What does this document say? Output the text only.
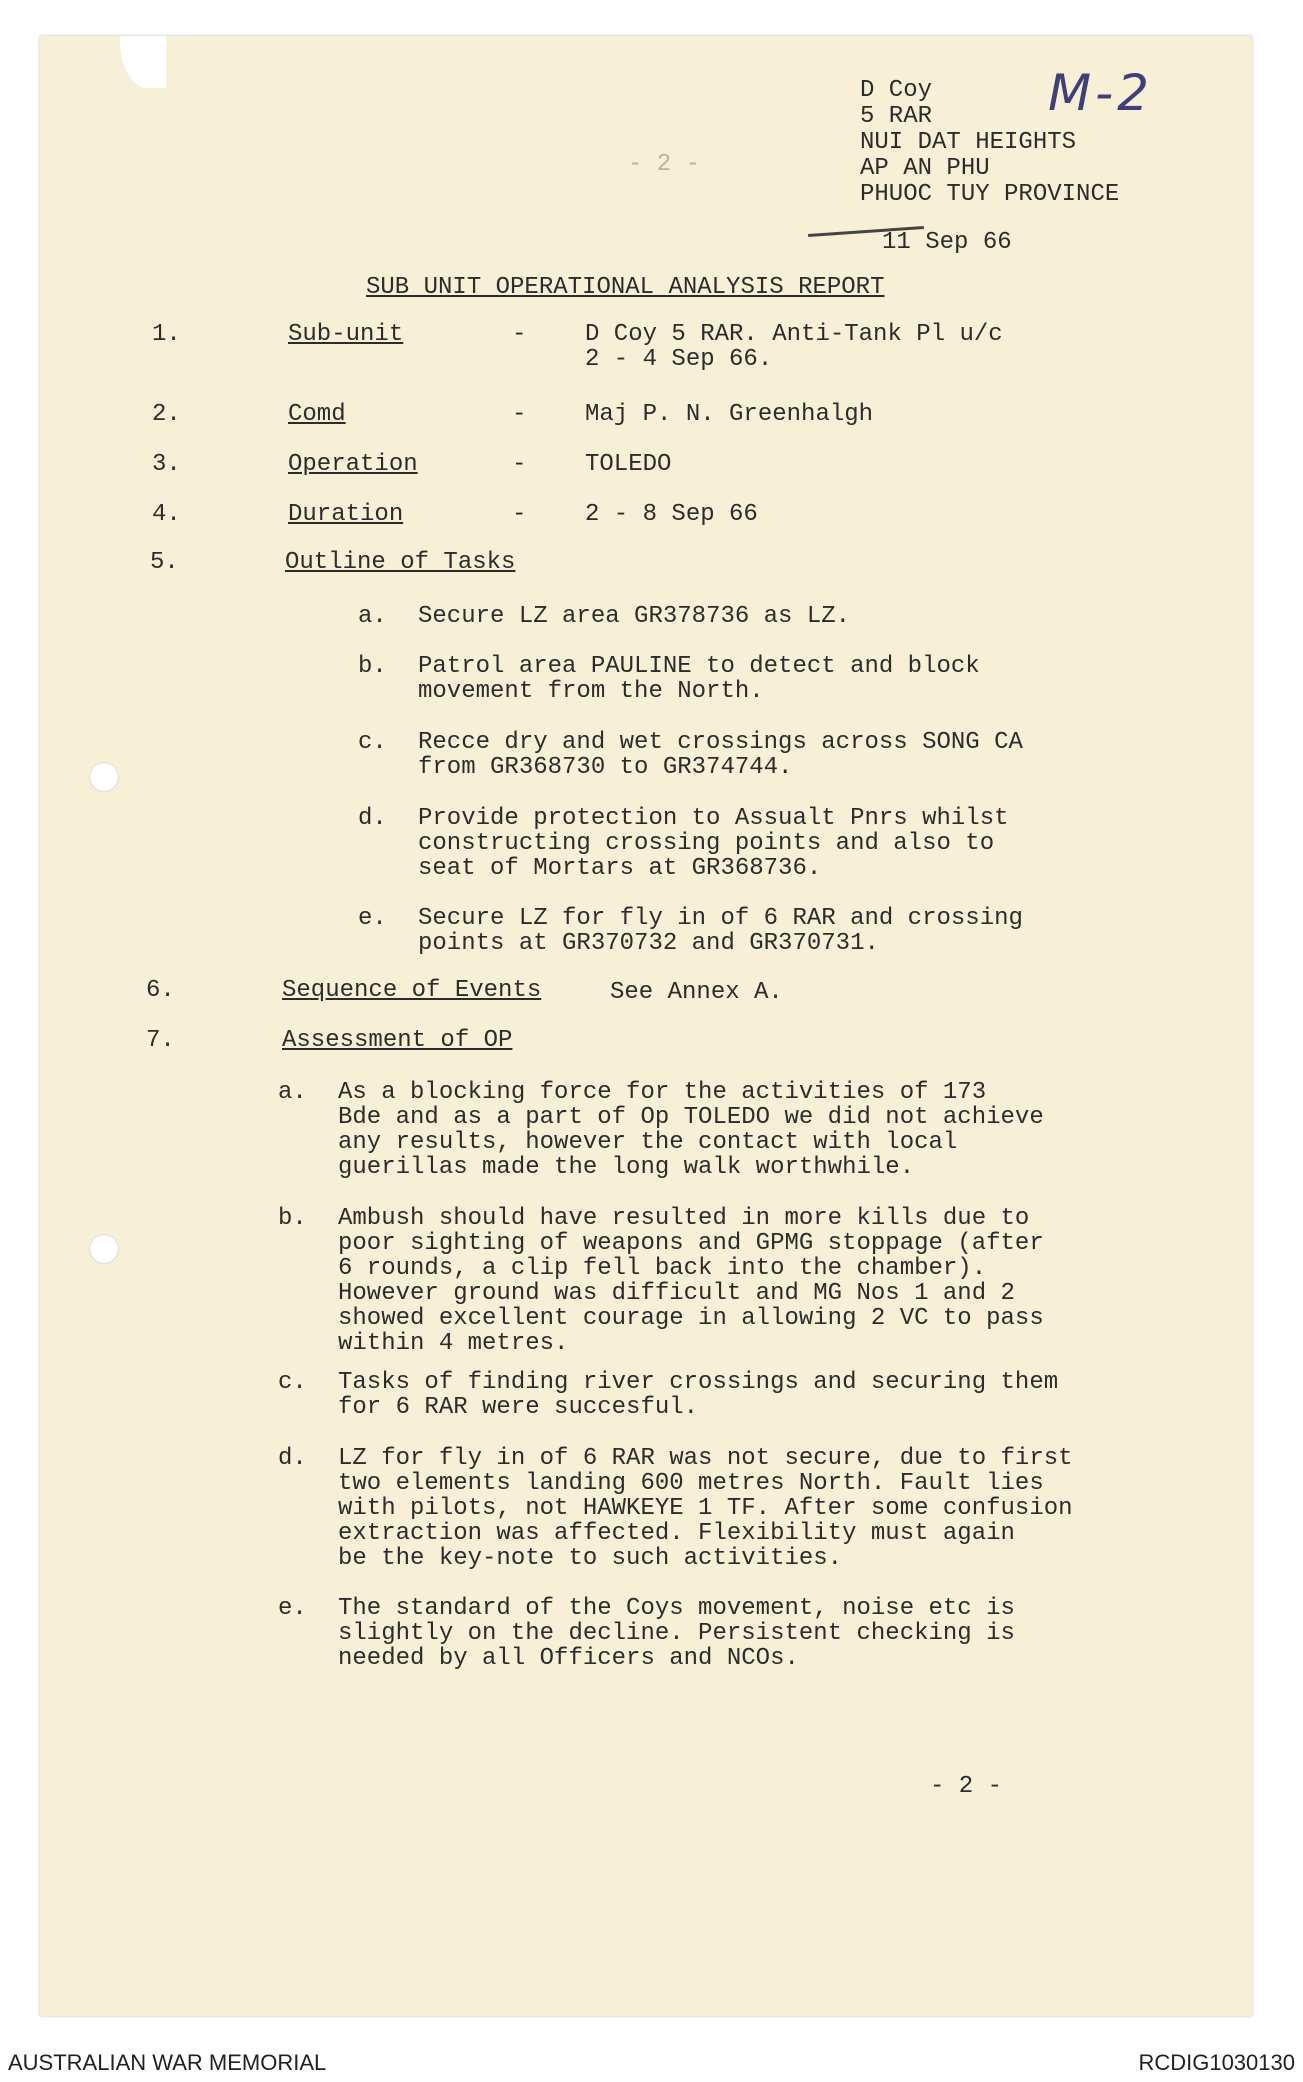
M-2
D Coy
5 RAR
NUI DAT HEIGHTS
AP AN PHU
PHUOC TUY PROVINCE
11 Sep 66
- 2 -
SUB UNIT OPERATIONAL ANALYSIS REPORT
1.	Sub-unit	- D Coy 5 RAR. Anti-Tank Pl u/c
2 - 4 Sep 66.
2.	Comd	- Maj P. N. Greenhalgh
3.	Operation	- TOLEDO
4.	Duration	- 2 - 8 Sep 66
5.	Outline of Tasks
a. Secure LZ area GR378736 as LZ.
b. Patrol area PAULINE to detect and block
movement from the North.
c. Recce dry and wet crossings across SONG CA
from GR368730 to GR374744.
d. Provide protection to Assualt Pnrs whilst
constructing crossing points and also to
seat of Mortars at GR368736.
e. Secure LZ for fly in of 6 RAR and crossing
points at GR370732 and GR370731.
6.	Sequence of Events	See Annex A.
7.	Assessment of OP
a. As a blocking force for the activities of 173
Bde and as a part of Op TOLEDO we did not achieve
any results, however the contact with local
guerillas made the long walk worthwhile.
b. Ambush should have resulted in more kills due to
poor sighting of weapons and GPMG stoppage (after
6 rounds, a clip fell back into the chamber).
However ground was difficult and MG Nos 1 and 2
showed excellent courage in allowing 2 VC to pass
within 4 metres.
c. Tasks of finding river crossings and securing them
for 6 RAR were succesful.
d. LZ for fly in of 6 RAR was not secure, due to first
two elements landing 600 metres North. Fault lies
with pilots, not HAWKEYE 1 TF. After some confusion
extraction was affected. Flexibility must again
be the key-note to such activities.
e. The standard of the Coys movement, noise etc is
slightly on the decline. Persistent checking is
needed by all Officers and NCOs.
- 2 -
AUSTRALIAN WAR MEMORIAL	RCDIG1030130
